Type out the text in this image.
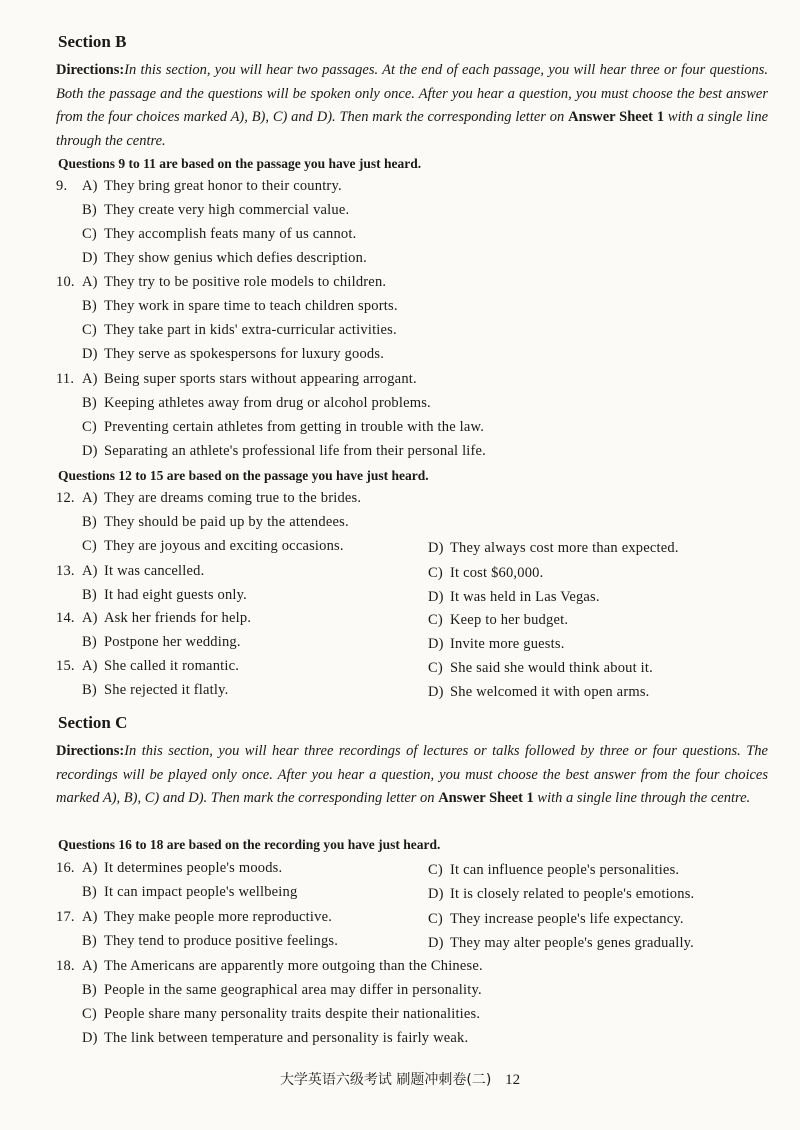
Section B
Directions:In this section, you will hear two passages. At the end of each passage, you will hear three or four questions. Both the passage and the questions will be spoken only once. After you hear a question, you must choose the best answer from the four choices marked A), B), C) and D). Then mark the corresponding letter on Answer Sheet 1 with a single line through the centre.
Questions 9 to 11 are based on the passage you have just heard.
9. A) They bring great honor to their country.
B) They create very high commercial value.
C) They accomplish feats many of us cannot.
D) They show genius which defies description.
10. A) They try to be positive role models to children.
B) They work in spare time to teach children sports.
C) They take part in kids' extra-curricular activities.
D) They serve as spokespersons for luxury goods.
11. A) Being super sports stars without appearing arrogant.
B) Keeping athletes away from drug or alcohol problems.
C) Preventing certain athletes from getting in trouble with the law.
D) Separating an athlete's professional life from their personal life.
Questions 12 to 15 are based on the passage you have just heard.
12. A) They are dreams coming true to the brides.
B) They should be paid up by the attendees.
C) They are joyous and exciting occasions.	D) They always cost more than expected.
13. A) It was cancelled.	C) It cost $60,000.
B) It had eight guests only.	D) It was held in Las Vegas.
14. A) Ask her friends for help.	C) Keep to her budget.
B) Postpone her wedding.	D) Invite more guests.
15. A) She called it romantic.	C) She said she would think about it.
B) She rejected it flatly.	D) She welcomed it with open arms.
Section C
Directions:In this section, you will hear three recordings of lectures or talks followed by three or four questions. The recordings will be played only once. After you hear a question, you must choose the best answer from the four choices marked A), B), C) and D). Then mark the corresponding letter on Answer Sheet 1 with a single line through the centre.
Questions 16 to 18 are based on the recording you have just heard.
16. A) It determines people's moods.	C) It can influence people's personalities.
B) It can impact people's wellbeing	D) It is closely related to people's emotions.
17. A) They make people more reproductive.	C) They increase people's life expectancy.
B) They tend to produce positive feelings.	D) They may alter people's genes gradually.
18. A) The Americans are apparently more outgoing than the Chinese.
B) People in the same geographical area may differ in personality.
C) People share many personality traits despite their nationalities.
D) The link between temperature and personality is fairly weak.
大学英语六级考试 刷题冲刺卷(二) 12
